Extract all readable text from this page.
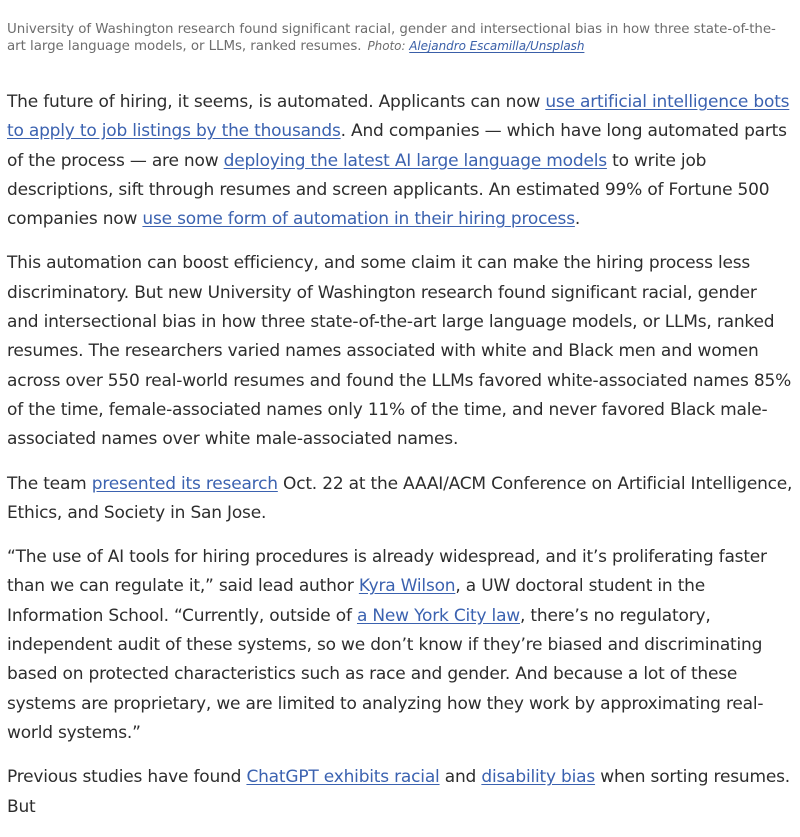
University of Washington research found significant racial, gender and intersectional bias in how three state-of-the-art large language models, or LLMs, ranked resumes. Photo: Alejandro Escamilla/Unsplash

The future of hiring, it seems, is automated. Applicants can now use artificial intelligence bots to apply to job listings by the thousands. And companies — which have long automated parts of the process — are now deploying the latest AI large language models to write job descriptions, sift through resumes and screen applicants. An estimated 99% of Fortune 500 companies now use some form of automation in their hiring process.

This automation can boost efficiency, and some claim it can make the hiring process less discriminatory. But new University of Washington research found significant racial, gender and intersectional bias in how three state-of-the-art large language models, or LLMs, ranked resumes. The researchers varied names associated with white and Black men and women across over 550 real-world resumes and found the LLMs favored white-associated names 85% of the time, female-associated names only 11% of the time, and never favored Black male-associated names over white male-associated names.

The team presented its research Oct. 22 at the AAAI/ACM Conference on Artificial Intelligence, Ethics, and Society in San Jose.

“The use of AI tools for hiring procedures is already widespread, and it’s proliferating faster than we can regulate it,” said lead author Kyra Wilson, a UW doctoral student in the Information School. “Currently, outside of a New York City law, there’s no regulatory, independent audit of these systems, so we don’t know if they’re biased and discriminating based on protected characteristics such as race and gender. And because a lot of these systems are proprietary, we are limited to analyzing how they work by approximating real-world systems.”

Previous studies have found ChatGPT exhibits racial and disability bias when sorting resumes. But
